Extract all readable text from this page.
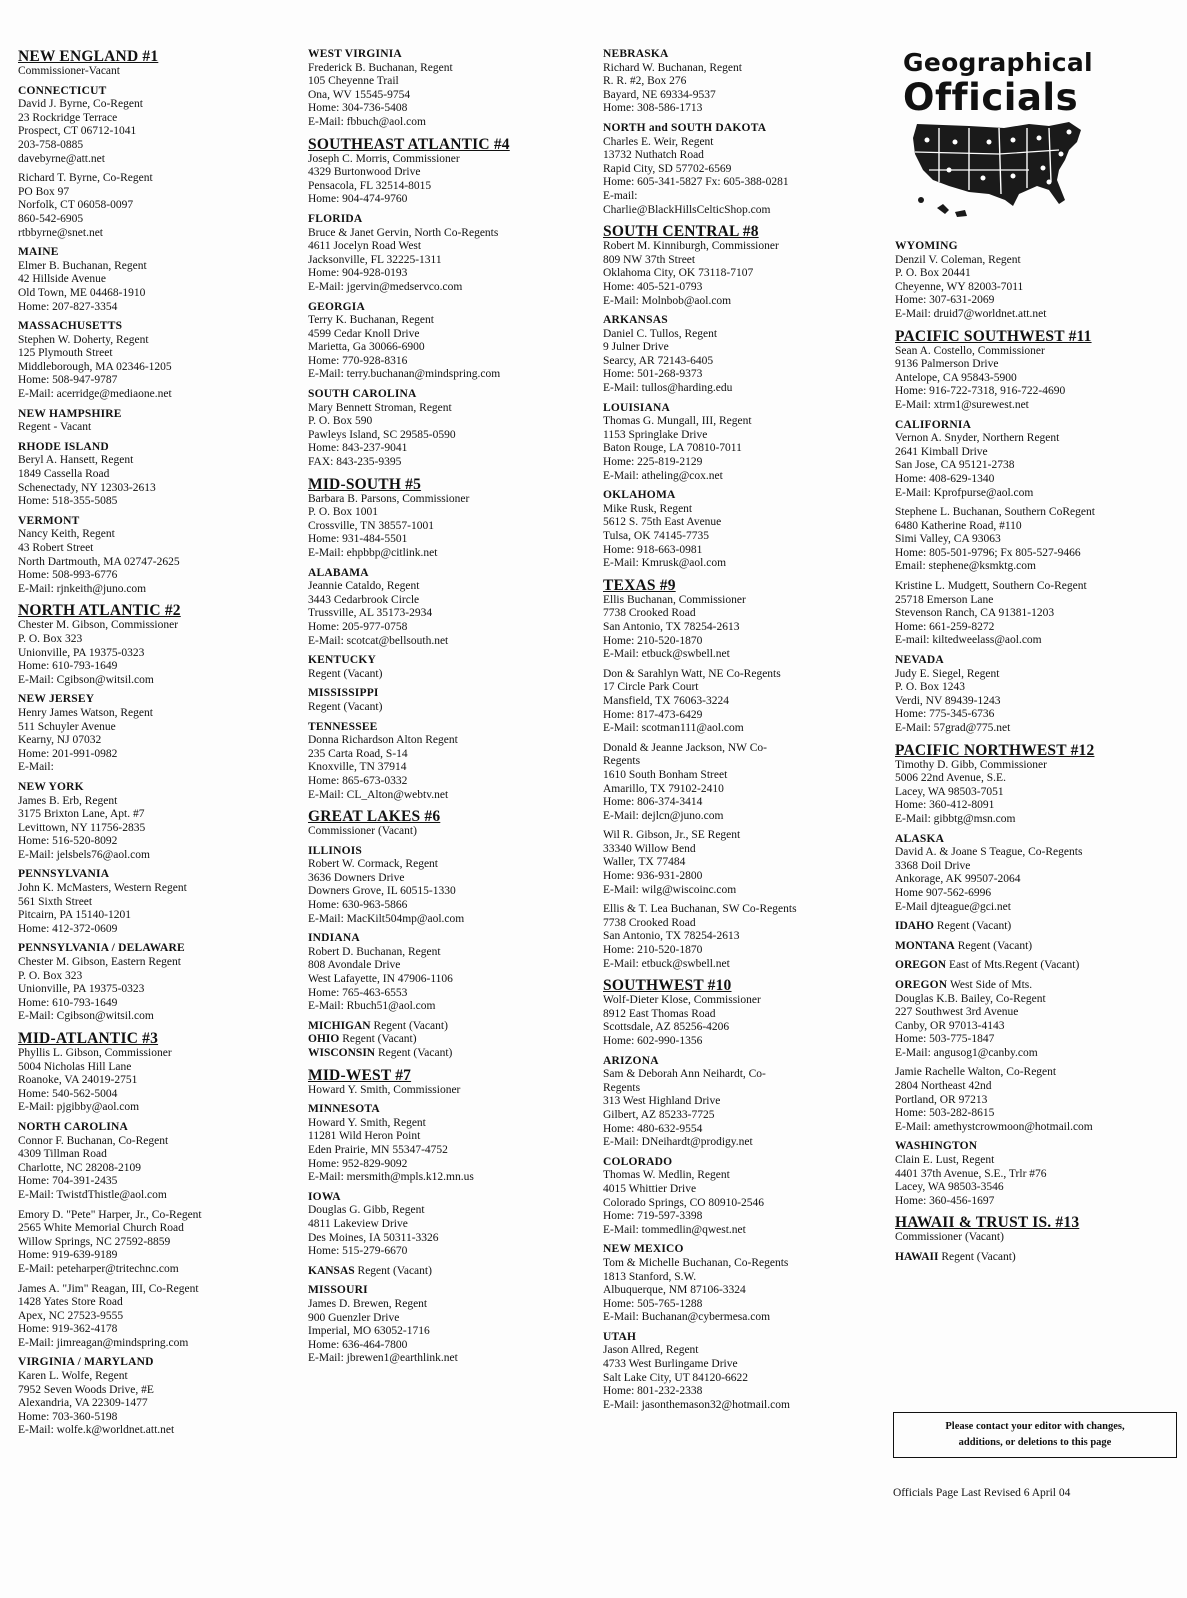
Geographical
Officials
NEW ENGLAND #1
Commissioner-Vacant
CONNECTICUT
David J. Byrne, Co-Regent
23 Rockridge Terrace
Prospect, CT 06712-1041
203-758-0885
davebyrne@att.net
Richard T. Byrne, Co-Regent
PO Box 97
Norfolk, CT 06058-0097
860-542-6905
rtbbyrne@snet.net
MAINE
Elmer B. Buchanan, Regent
42 Hillside Avenue
Old Town, ME 04468-1910
Home: 207-827-3354
MASSACHUSETTS
Stephen W. Doherty, Regent
125 Plymouth Street
Middleborough, MA 02346-1205
Home: 508-947-9787
E-Mail: acerridge@mediaone.net
NEW HAMPSHIRE
Regent - Vacant
RHODE ISLAND
Beryl A. Hansett, Regent
1849 Cassella Road
Schenectady, NY 12303-2613
Home: 518-355-5085
VERMONT
Nancy Keith, Regent
43 Robert Street
North Dartmouth, MA 02747-2625
Home: 508-993-6776
E-Mail: rjnkeith@juno.com
NORTH ATLANTIC #2
Chester M. Gibson, Commissioner
P. O. Box 323
Unionville, PA 19375-0323
Home: 610-793-1649
E-Mail: Cgibson@witsil.com
NEW JERSEY
Henry James Watson, Regent
511 Schuyler Avenue
Kearny, NJ 07032
Home: 201-991-0982
E-Mail:
NEW YORK
James B. Erb, Regent
3175 Brixton Lane, Apt. #7
Levittown, NY 11756-2835
Home: 516-520-8092
E-Mail: jelsbels76@aol.com
PENNSYLVANIA
John K. McMasters, Western Regent
561 Sixth Street
Pitcairn, PA 15140-1201
Home: 412-372-0609
PENNSYLVANIA / DELAWARE
Chester M. Gibson, Eastern Regent
P. O. Box 323
Unionville, PA 19375-0323
Home: 610-793-1649
E-Mail: Cgibson@witsil.com
MID-ATLANTIC #3
Phyllis L. Gibson, Commissioner
5004 Nicholas Hill Lane
Roanoke, VA 24019-2751
Home: 540-562-5004
E-Mail: pjgibby@aol.com
NORTH CAROLINA
Connor F. Buchanan, Co-Regent
4309 Tillman Road
Charlotte, NC 28208-2109
Home: 704-391-2435
E-Mail: TwistdThistle@aol.com
Emory D. "Pete" Harper, Jr., Co-Regent
2565 White Memorial Church Road
Willow Springs, NC 27592-8859
Home: 919-639-9189
E-Mail: peteharper@tritechnc.com
James A. "Jim" Reagan, III, Co-Regent
1428 Yates Store Road
Apex, NC 27523-9555
Home: 919-362-4178
E-Mail: jimreagan@mindspring.com
VIRGINIA / MARYLAND
Karen L. Wolfe, Regent
7952 Seven Woods Drive, #E
Alexandria, VA 22309-1477
Home: 703-360-5198
E-Mail: wolfe.k@worldnet.att.net
WEST VIRGINIA
Frederick B. Buchanan, Regent
105 Cheyenne Trail
Ona, WV 15545-9754
Home: 304-736-5408
E-Mail: fbbuch@aol.com
SOUTHEAST ATLANTIC #4
Joseph C. Morris, Commissioner
4329 Burtonwood Drive
Pensacola, FL 32514-8015
Home: 904-474-9760
FLORIDA
Bruce & Janet Gervin, North Co-Regents
4611 Jocelyn Road West
Jacksonville, FL 32225-1311
Home: 904-928-0193
E-Mail: jgervin@medservco.com
GEORGIA
Terry K. Buchanan, Regent
4599 Cedar Knoll Drive
Marietta, Ga 30066-6900
Home: 770-928-8316
E-Mail: terry.buchanan@mindspring.com
SOUTH CAROLINA
Mary Bennett Stroman, Regent
P. O. Box 590
Pawleys Island, SC 29585-0590
Home: 843-237-9041
FAX: 843-235-9395
MID-SOUTH #5
Barbara B. Parsons, Commissioner
P. O. Box 1001
Crossville, TN 38557-1001
Home: 931-484-5501
E-Mail: ehpbbp@citlink.net
ALABAMA
Jeannie Cataldo, Regent
3443 Cedarbrook Circle
Trussville, AL 35173-2934
Home: 205-977-0758
E-Mail: scotcat@bellsouth.net
KENTUCKY
Regent (Vacant)
MISSISSIPPI
Regent (Vacant)
TENNESSEE
Donna Richardson Alton Regent
235 Carta Road, S-14
Knoxville, TN 37914
Home: 865-673-0332
E-Mail: CL_Alton@webtv.net
GREAT LAKES #6
Commissioner (Vacant)
ILLINOIS
Robert W. Cormack, Regent
3636 Downers Drive
Downers Grove, IL 60515-1330
Home: 630-963-5866
E-Mail: MacKilt504mp@aol.com
INDIANA
Robert D. Buchanan, Regent
808 Avondale Drive
West Lafayette, IN 47906-1106
Home: 765-463-6553
E-Mail: Rbuch51@aol.com
MICHIGAN Regent (Vacant)
OHIO Regent (Vacant)
WISCONSIN Regent (Vacant)
MID-WEST #7
Howard Y. Smith, Commissioner
MINNESOTA
Howard Y. Smith, Regent
11281 Wild Heron Point
Eden Prairie, MN 55347-4752
Home: 952-829-9092
E-Mail: mersmith@mpls.k12.mn.us
IOWA
Douglas G. Gibb, Regent
4811 Lakeview Drive
Des Moines, IA 50311-3326
Home: 515-279-6670
KANSAS Regent (Vacant)
MISSOURI
James D. Brewen, Regent
900 Guenzler Drive
Imperial, MO 63052-1716
Home: 636-464-7800
E-Mail: jbrewen1@earthlink.net
NEBRASKA
Richard W. Buchanan, Regent
R. R. #2, Box 276
Bayard, NE 69334-9537
Home: 308-586-1713
NORTH and SOUTH DAKOTA
Charles E. Weir, Regent
13732 Nuthatch Road
Rapid City, SD 57702-6569
Home: 605-341-5827 Fx: 605-388-0281
E-mail:
Charlie@BlackHillsCelticShop.com
SOUTH CENTRAL #8
Robert M. Kinniburgh, Commissioner
809 NW 37th Street
Oklahoma City, OK 73118-7107
Home: 405-521-0793
E-Mail: Molnbob@aol.com
ARKANSAS
Daniel C. Tullos, Regent
9 Julner Drive
Searcy, AR 72143-6405
Home: 501-268-9373
E-Mail: tullos@harding.edu
LOUISIANA
Thomas G. Mungall, III, Regent
1153 Springlake Drive
Baton Rouge, LA 70810-7011
Home: 225-819-2129
E-Mail: atheling@cox.net
OKLAHOMA
Mike Rusk, Regent
5612 S. 75th East Avenue
Tulsa, OK 74145-7735
Home: 918-663-0981
E-Mail: Kmrusk@aol.com
TEXAS #9
Ellis Buchanan, Commissioner
7738 Crooked Road
San Antonio, TX 78254-2613
Home: 210-520-1870
E-Mail: etbuck@swbell.net
Don & Sarahlyn Watt, NE Co-Regents
17 Circle Park Court
Mansfield, TX 76063-3224
Home: 817-473-6429
E-Mail: scotman111@aol.com
Donald & Jeanne Jackson, NW Co-
Regents
1610 South Bonham Street
Amarillo, TX 79102-2410
Home: 806-374-3414
E-Mail: dejlcn@juno.com
Wil R. Gibson, Jr., SE Regent
33340 Willow Bend
Waller, TX 77484
Home: 936-931-2800
E-Mail: wilg@wiscoinc.com
Ellis & T. Lea Buchanan, SW Co-Regents
7738 Crooked Road
San Antonio, TX 78254-2613
Home: 210-520-1870
E-Mail: etbuck@swbell.net
SOUTHWEST #10
Wolf-Dieter Klose, Commissioner
8912 East Thomas Road
Scottsdale, AZ 85256-4206
Home: 602-990-1356
ARIZONA
Sam & Deborah Ann Neihardt, Co-
Regents
313 West Highland Drive
Gilbert, AZ 85233-7725
Home: 480-632-9554
E-Mail: DNeihardt@prodigy.net
COLORADO
Thomas W. Medlin, Regent
4015 Whittier Drive
Colorado Springs, CO 80910-2546
Home: 719-597-3398
E-Mail: tommedlin@qwest.net
NEW MEXICO
Tom & Michelle Buchanan, Co-Regents
1813 Stanford, S.W.
Albuquerque, NM 87106-3324
Home: 505-765-1288
E-Mail: Buchanan@cybermesa.com
UTAH
Jason Allred, Regent
4733 West Burlingame Drive
Salt Lake City, UT 84120-6622
Home: 801-232-2338
E-Mail: jasonthemason32@hotmail.com
WYOMING
Denzil V. Coleman, Regent
P. O. Box 20441
Cheyenne, WY 82003-7011
Home: 307-631-2069
E-Mail: druid7@worldnet.att.net
PACIFIC SOUTHWEST #11
Sean A. Costello, Commissioner
9136 Palmerson Drive
Antelope, CA 95843-5900
Home: 916-722-7318, 916-722-4690
E-Mail: xtrm1@surewest.net
CALIFORNIA
Vernon A. Snyder, Northern Regent
2641 Kimball Drive
San Jose, CA 95121-2738
Home: 408-629-1340
E-Mail: Kprofpurse@aol.com
Stephene L. Buchanan, Southern CoRegent
6480 Katherine Road, #110
Simi Valley, CA 93063
Home: 805-501-9796; Fx 805-527-9466
Email: stephene@ksmktg.com
Kristine L. Mudgett, Southern Co-Regent
25718 Emerson Lane
Stevenson Ranch, CA 91381-1203
Home: 661-259-8272
E-mail: kiltedweelass@aol.com
NEVADA
Judy E. Siegel, Regent
P. O. Box 1243
Verdi, NV 89439-1243
Home: 775-345-6736
E-Mail: 57grad@775.net
PACIFIC NORTHWEST #12
Timothy D. Gibb, Commissioner
5006 22nd Avenue, S.E.
Lacey, WA 98503-7051
Home: 360-412-8091
E-Mail: gibbtg@msn.com
ALASKA
David A. & Joane S Teague, Co-Regents
3368 Doil Drive
Ankorage, AK 99507-2064
Home 907-562-6996
E-Mail djteague@gci.net
IDAHO Regent (Vacant)
MONTANA Regent (Vacant)
OREGON East of Mts.Regent (Vacant)
OREGON West Side of Mts.
Douglas K.B. Bailey, Co-Regent
227 Southwest 3rd Avenue
Canby, OR 97013-4143
Home: 503-775-1847
E-Mail: angusog1@canby.com
Jamie Rachelle Walton, Co-Regent
2804 Northeast 42nd
Portland, OR 97213
Home: 503-282-8615
E-Mail: amethystcrowmoon@hotmail.com
WASHINGTON
Clain E. Lust, Regent
4401 37th Avenue, S.E., Trlr #76
Lacey, WA 98503-3546
Home: 360-456-1697
HAWAII & TRUST IS. #13
Commissioner (Vacant)
HAWAII Regent (Vacant)
Please contact your editor with changes,
additions, or deletions to this page
Officials Page Last Revised 6 April 04
